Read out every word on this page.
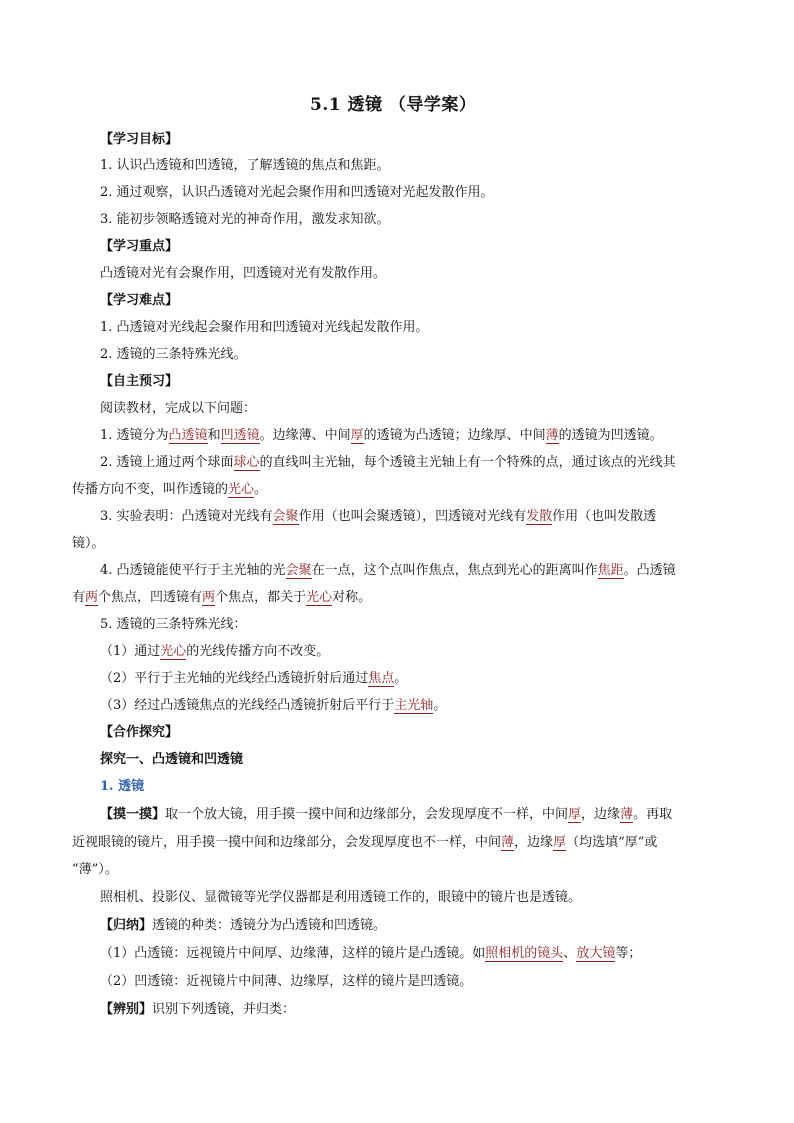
5.1 透镜 （导学案）
【学习目标】
1. 认识凸透镜和凹透镜，了解透镜的焦点和焦距。
2. 通过观察，认识凸透镜对光起会聚作用和凹透镜对光起发散作用。
3. 能初步领略透镜对光的神奇作用，激发求知欲。
【学习重点】
凸透镜对光有会聚作用，凹透镜对光有发散作用。
【学习难点】
1. 凸透镜对光线起会聚作用和凹透镜对光线起发散作用。
2. 透镜的三条特殊光线。
【自主预习】
阅读教材，完成以下问题：
1. 透镜分为凸透镜和凹透镜。边缘薄、中间厚的透镜为凸透镜；边缘厚、中间薄的透镜为凹透镜。
2. 透镜上通过两个球面球心的直线叫主光轴，每个透镜主光轴上有一个特殊的点，通过该点的光线其
传播方向不变，叫作透镜的光心。
3. 实验表明：凸透镜对光线有会聚作用（也叫会聚透镜），凹透镜对光线有发散作用（也叫发散透
镜）。
4. 凸透镜能使平行于主光轴的光会聚在一点，这个点叫作焦点，焦点到光心的距离叫作焦距。凸透镜
有两个焦点，凹透镜有两个焦点，都关于光心对称。
5. 透镜的三条特殊光线：
（1）通过光心的光线传播方向不改变。
（2）平行于主光轴的光线经凸透镜折射后通过焦点。
（3）经过凸透镜焦点的光线经凸透镜折射后平行于主光轴。
【合作探究】
探究一、凸透镜和凹透镜
1. 透镜
【摸一摸】取一个放大镜，用手摸一摸中间和边缘部分，会发现厚度不一样，中间厚，边缘薄。再取
近视眼镜的镜片，用手摸一摸中间和边缘部分，会发现厚度也不一样，中间薄，边缘厚（均选填“厚”或
“薄”）。
照相机、投影仪、显微镜等光学仪器都是利用透镜工作的，眼镜中的镜片也是透镜。
【归纳】透镜的种类：透镜分为凸透镜和凹透镜。
（1）凸透镜：远视镜片中间厚、边缘薄，这样的镜片是凸透镜。如照相机的镜头、放大镜等；
（2）凹透镜：近视镜片中间薄、边缘厚，这样的镜片是凹透镜。
【辨别】识别下列透镜，并归类：
